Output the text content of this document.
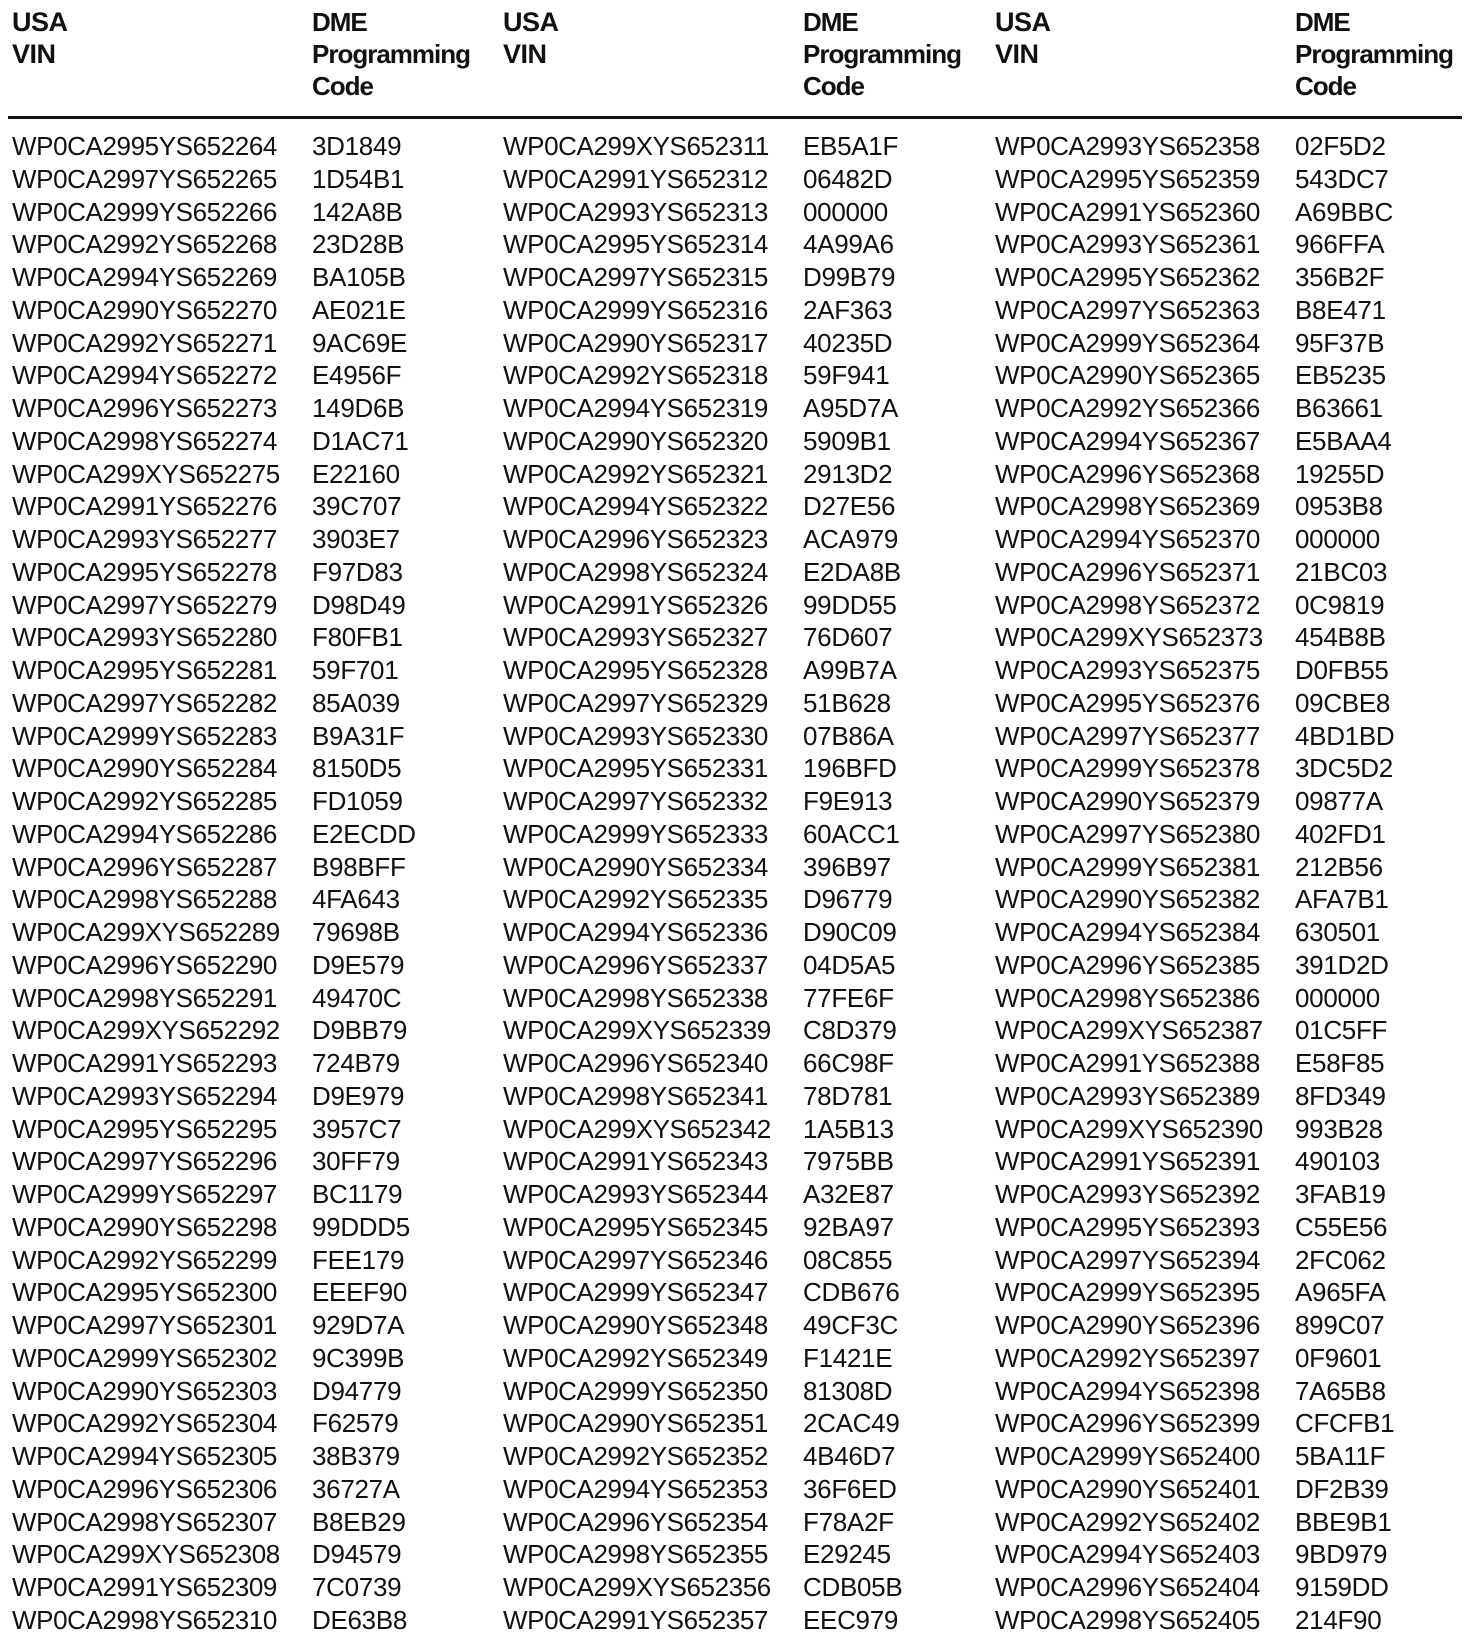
USA VIN
DME
Programming
Code
WP0CA2995YS652264 3D1849
WP0CA2997YS652265 1D54B1
WP0CA2999YS652266 142A8B
WP0CA2992YS652268 23D28B
WP0CA2994YS652269 BA105B
WP0CA2990YS652270 AE021E
WP0CA2992YS652271 9AC69E
WP0CA2994YS652272 E4956F
WP0CA2996YS652273 149D6B
WP0CA2998YS652274 D1AC71
WP0CA299XYS652275 E22160
WP0CA2991YS652276 39C707
WP0CA2993YS652277 3903E7
WP0CA2995YS652278 F97D83
WP0CA2997YS652279 D98D49
WP0CA2993YS652280 F80FB1
WP0CA2995YS652281 59F701
WP0CA2997YS652282 85A039
WP0CA2999YS652283 B9A31F
WP0CA2990YS652284 8150D5
WP0CA2992YS652285 FD1059
WP0CA2994YS652286 E2ECDD
WP0CA2996YS652287 B98BFF
WP0CA2998YS652288 4FA643
WP0CA299XYS652289 79698B
WP0CA2996YS652290 D9E579
WP0CA2998YS652291 49470C
WP0CA299XYS652292 D9BB79
WP0CA2991YS652293 724B79
WP0CA2993YS652294 D9E979
WP0CA2995YS652295 3957C7
WP0CA2997YS652296 30FF79
WP0CA2999YS652297 BC1179
WP0CA2990YS652298 99DDD5
WP0CA2992YS652299 FEE179
WP0CA2995YS652300 EEEF90
WP0CA2997YS652301 929D7A
WP0CA2999YS652302 9C399B
WP0CA2990YS652303 D94779
WP0CA2992YS652304 F62579
WP0CA2994YS652305 38B379
WP0CA2996YS652306 36727A
WP0CA2998YS652307 B8EB29
WP0CA299XYS652308 D94579
WP0CA2991YS652309 7C0739
WP0CA2998YS652310 DE63B8
USA VIN
DME
Programming
Code
WP0CA299XYS652311 EB5A1F
WP0CA2991YS652312 06482D
WP0CA2993YS652313 000000
WP0CA2995YS652314 4A99A6
WP0CA2997YS652315 D99B79
WP0CA2999YS652316 2AF363
WP0CA2990YS652317 40235D
WP0CA2992YS652318 59F941
WP0CA2994YS652319 A95D7A
WP0CA2990YS652320 5909B1
WP0CA2992YS652321 2913D2
WP0CA2994YS652322 D27E56
WP0CA2996YS652323 ACA979
WP0CA2998YS652324 E2DA8B
WP0CA2991YS652326 99DD55
WP0CA2993YS652327 76D607
WP0CA2995YS652328 A99B7A
WP0CA2997YS652329 51B628
WP0CA2993YS652330 07B86A
WP0CA2995YS652331 196BFD
WP0CA2997YS652332 F9E913
WP0CA2999YS652333 60ACC1
WP0CA2990YS652334 396B97
WP0CA2992YS652335 D96779
WP0CA2994YS652336 D90C09
WP0CA2996YS652337 04D5A5
WP0CA2998YS652338 77FE6F
WP0CA299XYS652339 C8D379
WP0CA2996YS652340 66C98F
WP0CA2998YS652341 78D781
WP0CA299XYS652342 1A5B13
WP0CA2991YS652343 7975BB
WP0CA2993YS652344 A32E87
WP0CA2995YS652345 92BA97
WP0CA2997YS652346 08C855
WP0CA2999YS652347 CDB676
WP0CA2990YS652348 49CF3C
WP0CA2992YS652349 F1421E
WP0CA2999YS652350 81308D
WP0CA2990YS652351 2CAC49
WP0CA2992YS652352 4B46D7
WP0CA2994YS652353 36F6ED
WP0CA2996YS652354 F78A2F
WP0CA2998YS652355 E29245
WP0CA299XYS652356 CDB05B
WP0CA2991YS652357 EEC979
USA VIN
DME
Programming
Code
WP0CA2993YS652358 02F5D2
WP0CA2995YS652359 543DC7
WP0CA2991YS652360 A69BBC
WP0CA2993YS652361 966FFA
WP0CA2995YS652362 356B2F
WP0CA2997YS652363 B8E471
WP0CA2999YS652364 95F37B
WP0CA2990YS652365 EB5235
WP0CA2992YS652366 B63661
WP0CA2994YS652367 E5BAA4
WP0CA2996YS652368 19255D
WP0CA2998YS652369 0953B8
WP0CA2994YS652370 000000
WP0CA2996YS652371 21BC03
WP0CA2998YS652372 0C9819
WP0CA299XYS652373 454B8B
WP0CA2993YS652375 D0FB55
WP0CA2995YS652376 09CBE8
WP0CA2997YS652377 4BD1BD
WP0CA2999YS652378 3DC5D2
WP0CA2990YS652379 09877A
WP0CA2997YS652380 402FD1
WP0CA2999YS652381 212B56
WP0CA2990YS652382 AFA7B1
WP0CA2994YS652384 630501
WP0CA2996YS652385 391D2D
WP0CA2998YS652386 000000
WP0CA299XYS652387 01C5FF
WP0CA2991YS652388 E58F85
WP0CA2993YS652389 8FD349
WP0CA299XYS652390 993B28
WP0CA2991YS652391 490103
WP0CA2993YS652392 3FAB19
WP0CA2995YS652393 C55E56
WP0CA2997YS652394 2FC062
WP0CA2999YS652395 A965FA
WP0CA2990YS652396 899C07
WP0CA2992YS652397 0F9601
WP0CA2994YS652398 7A65B8
WP0CA2996YS652399 CFCFB1
WP0CA2999YS652400 5BA11F
WP0CA2990YS652401 DF2B39
WP0CA2992YS652402 BBE9B1
WP0CA2994YS652403 9BD979
WP0CA2996YS652404 9159DD
WP0CA2998YS652405 214F90
